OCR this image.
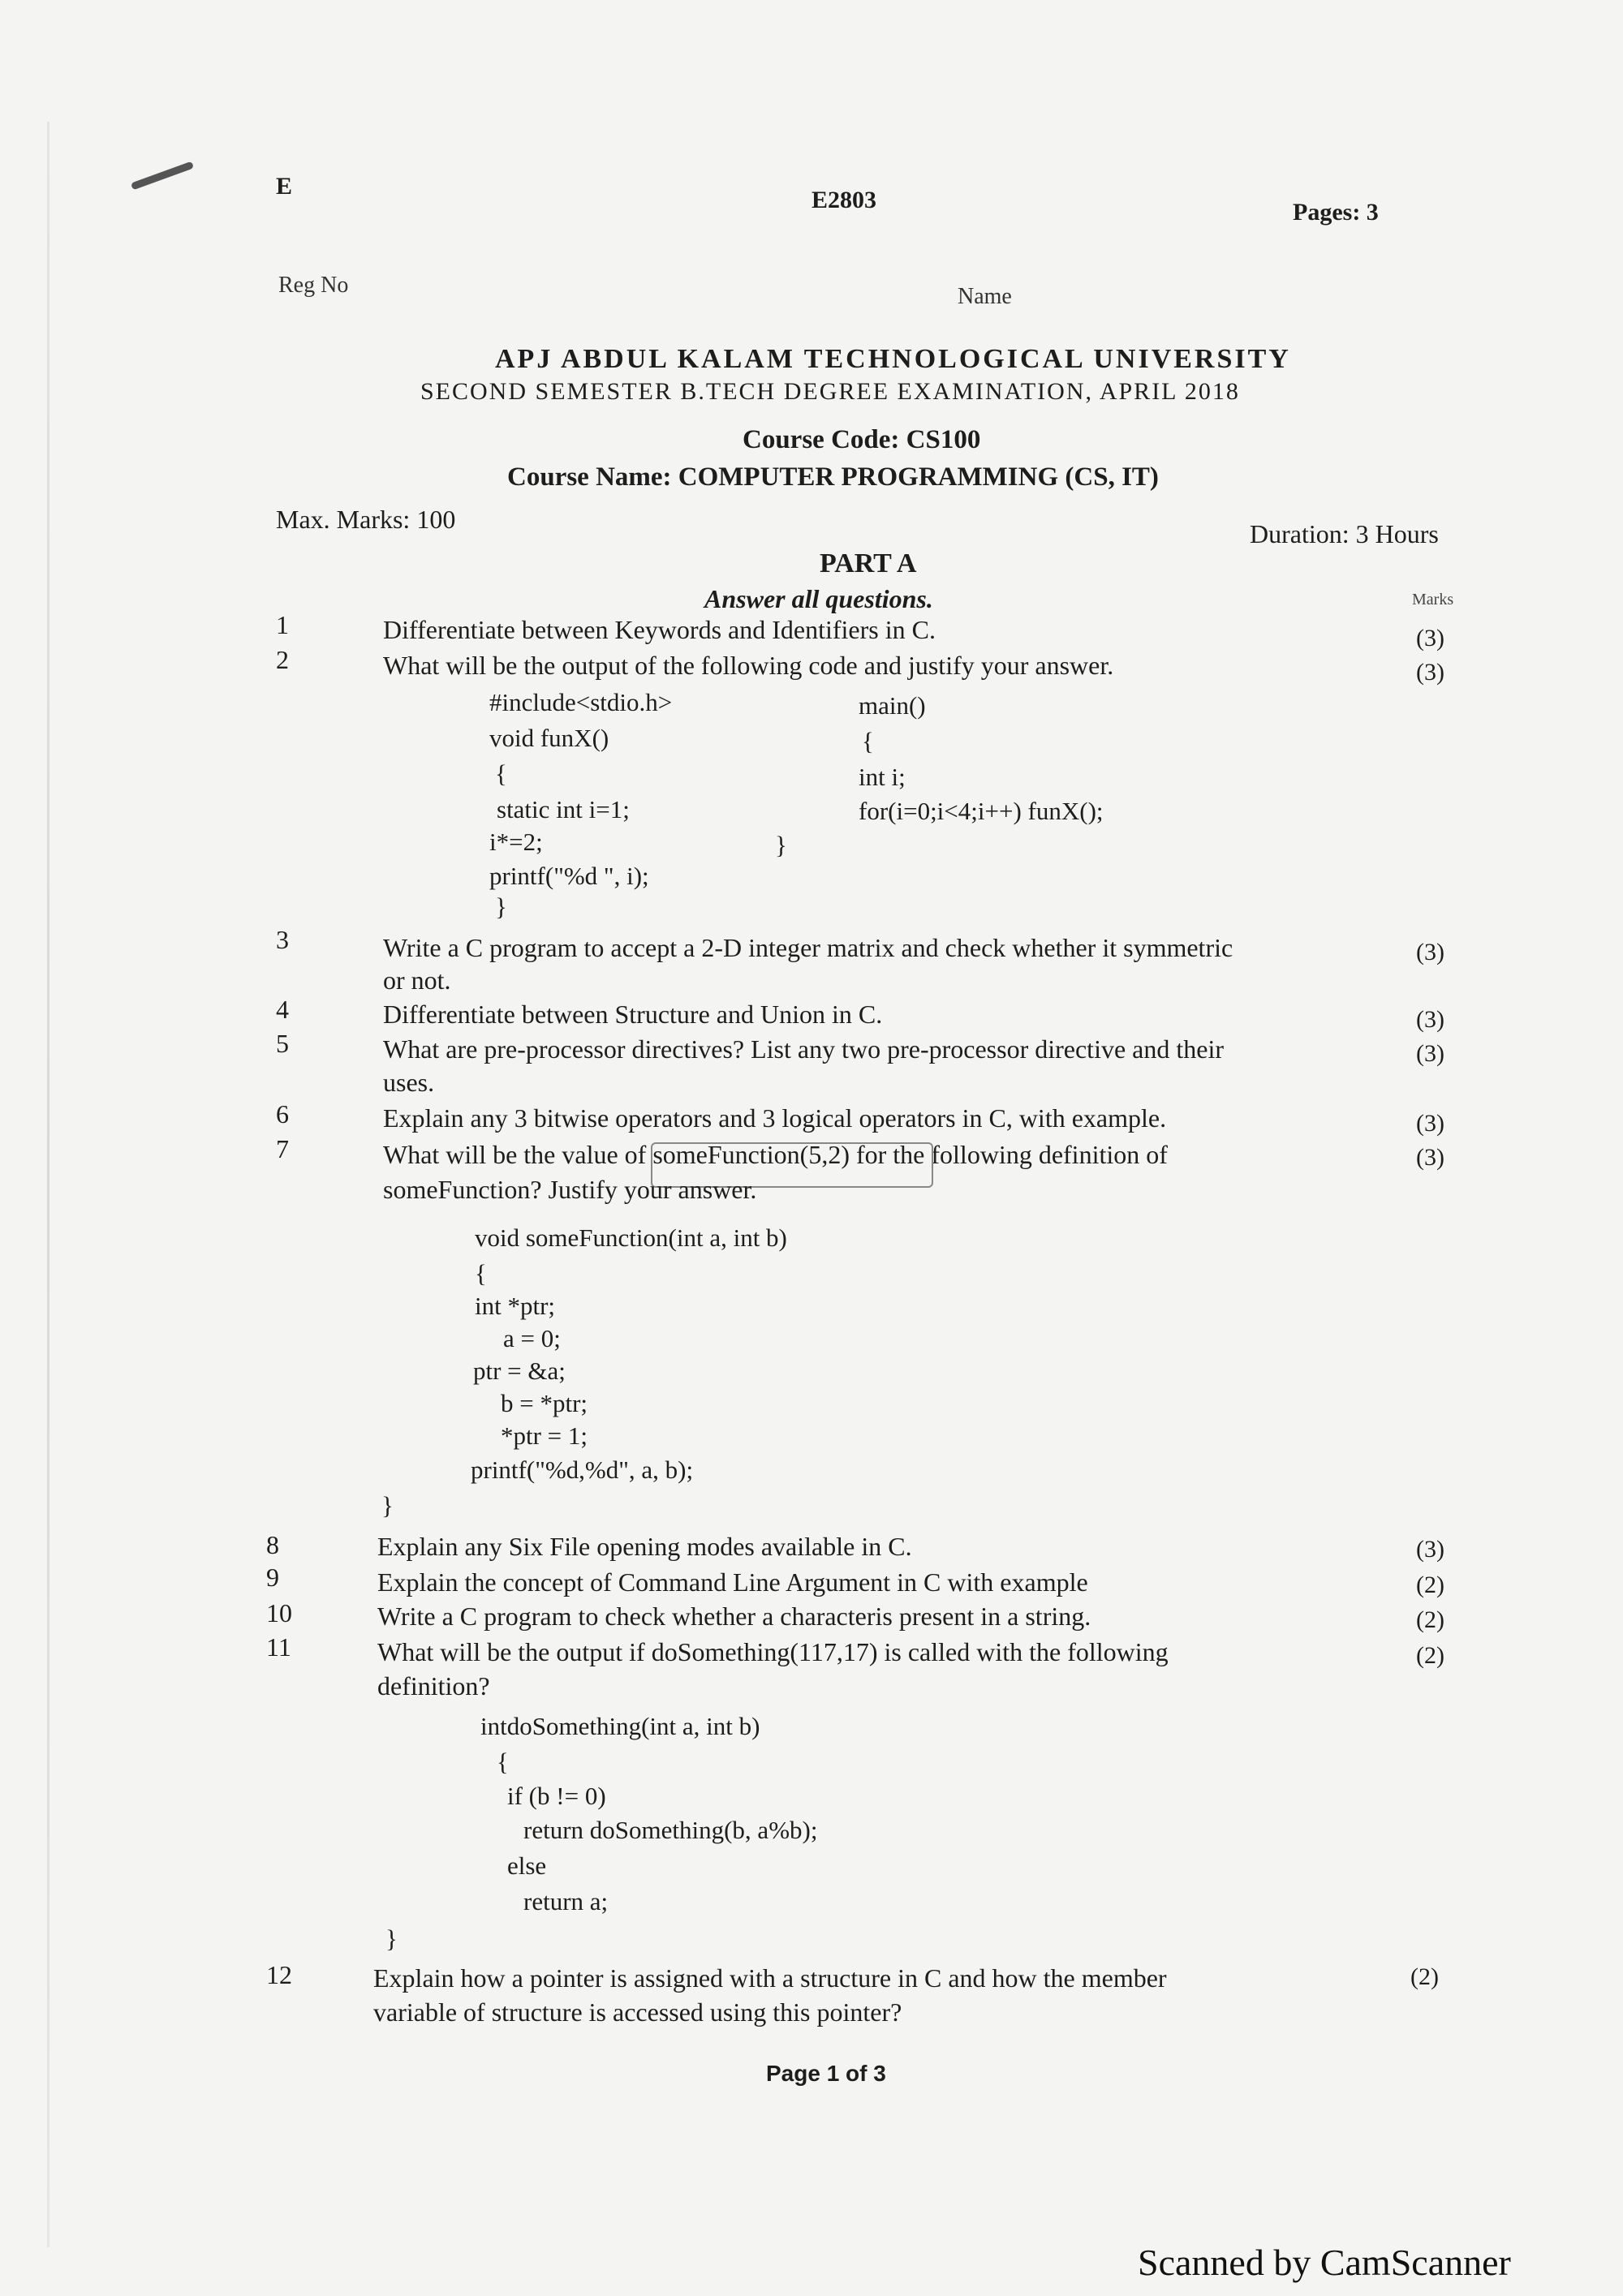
E
E2803	Pages: 3
Reg No	Name
APJ ABDUL KALAM TECHNOLOGICAL UNIVERSITY
SECOND SEMESTER B.TECH DEGREE EXAMINATION, APRIL 2018
Course Code: CS100
Course Name: COMPUTER PROGRAMMING (CS, IT)
Max. Marks: 100	Duration: 3 Hours
PART A
Answer all questions.	Marks
1	Differentiate between Keywords and Identifiers in C.	(3)
2	What will be the output of the following code and justify your answer.	(3)
#include<stdio.h>
void funX()
{
static int i=1;
i*=2;
printf("%d ", i);
}
main()
{
int i;
for(i=0;i<4;i++) funX();
}
3	Write a C program to accept a 2-D integer matrix and check whether it symmetric
or not.
(3)
4	Differentiate between Structure and Union in C.	(3)
5	What are pre-processor directives? List any two pre-processor directive and their
uses.
(3)
6	Explain any 3 bitwise operators and 3 logical operators in C, with example.	(3)
7	What will be the value of someFunction(5,2) for the following definition of
someFunction? Justify your answer.
(3)
void someFunction(int a, int b)
{
int *ptr;
a = 0;
ptr = &a;
b = *ptr;
*ptr = 1;
printf("%d,%d", a, b);
}
8	Explain any Six File opening modes available in C.	(3)
9	Explain the concept of Command Line Argument in C with example	(2)
10	Write a C program to check whether a characteris present in a string.	(2)
11	What will be the output if doSomething(117,17) is called with the following
definition?
(2)
intdoSomething(int a, int b)
{
if (b != 0)
return doSomething(b, a%b);
else
return a;
}
12	Explain how a pointer is assigned with a structure in C and how the member
variable of structure is accessed using this pointer?
(2)
Page 1 of 3
Scanned by CamScanner
